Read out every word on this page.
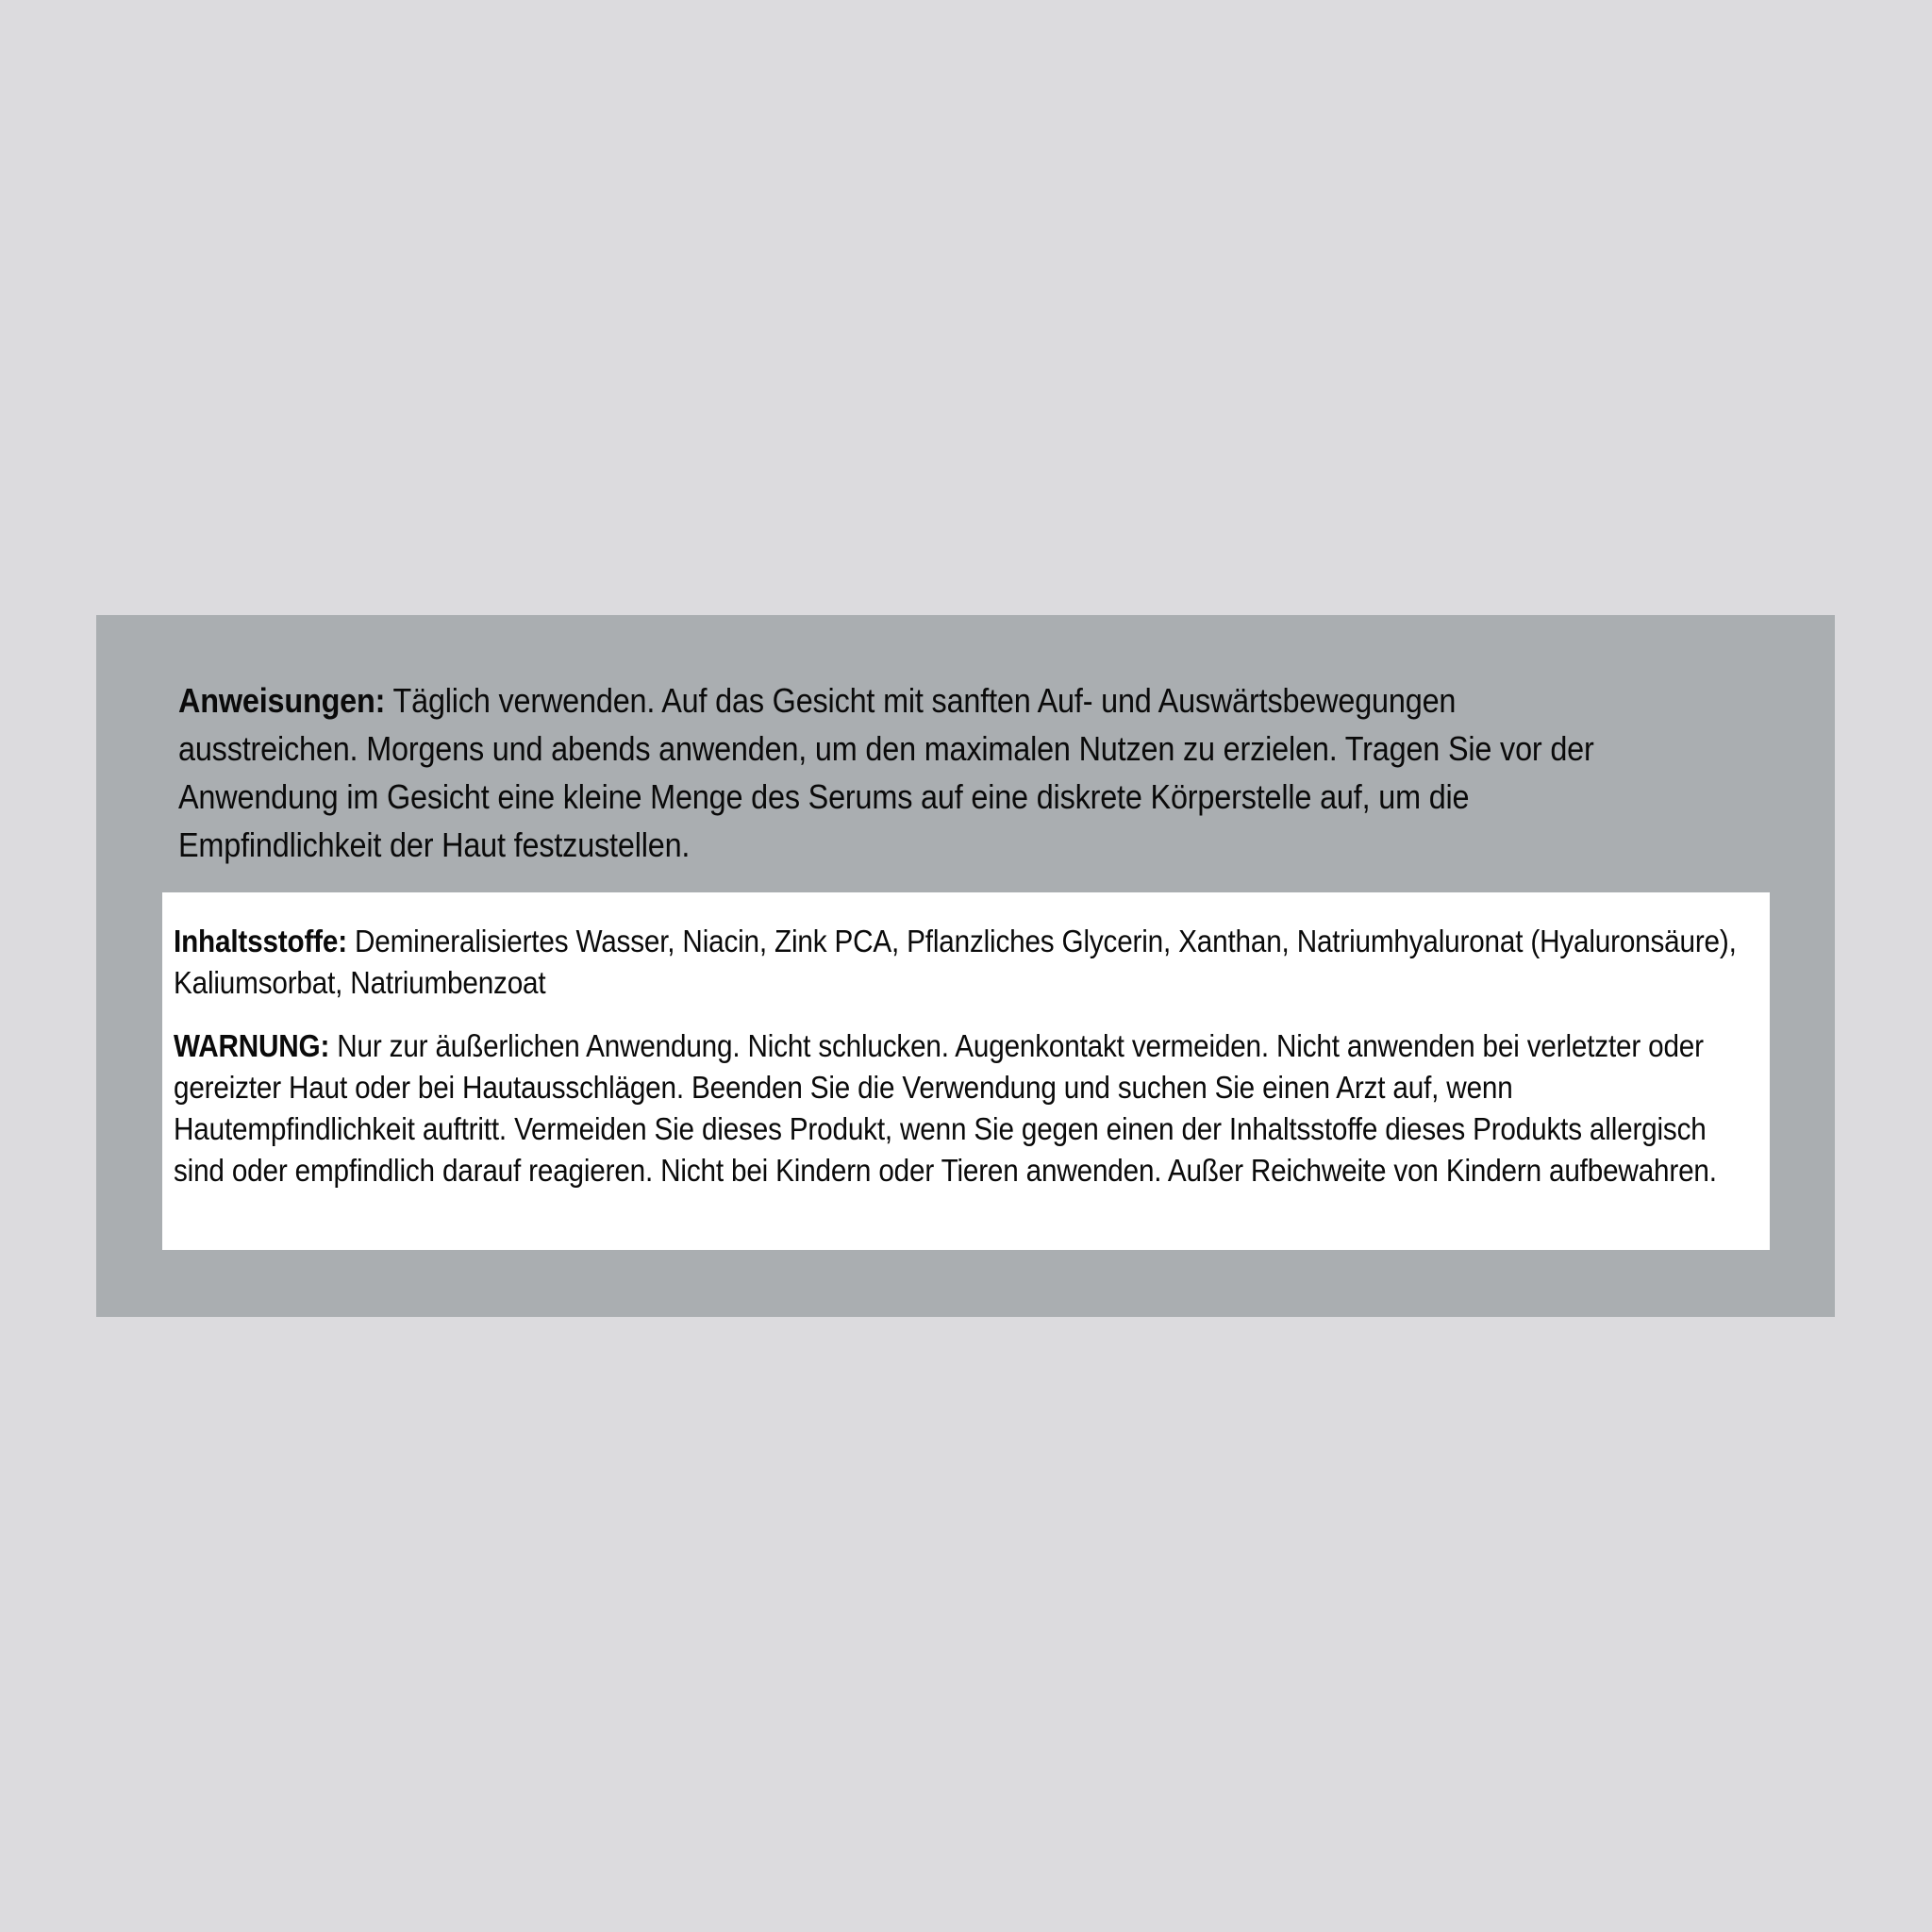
Anweisungen: Täglich verwenden. Auf das Gesicht mit sanften Auf- und Auswärtsbewegungen ausstreichen. Morgens und abends anwenden, um den maximalen Nutzen zu erzielen. Tragen Sie vor der Anwendung im Gesicht eine kleine Menge des Serums auf eine diskrete Körperstelle auf, um die Empfindlichkeit der Haut festzustellen.

Inhaltsstoffe: Demineralisiertes Wasser, Niacin, Zink PCA, Pflanzliches Glycerin, Xanthan, Natriumhyaluronat (Hyaluronsäure), Kaliumsorbat, Natriumbenzoat

WARNUNG: Nur zur äußerlichen Anwendung. Nicht schlucken. Augenkontakt vermeiden. Nicht anwenden bei verletzter oder gereizter Haut oder bei Hautausschlägen. Beenden Sie die Verwendung und suchen Sie einen Arzt auf, wenn Hautempfindlichkeit auftritt. Vermeiden Sie dieses Produkt, wenn Sie gegen einen der Inhaltsstoffe dieses Produkts allergisch sind oder empfindlich darauf reagieren. Nicht bei Kindern oder Tieren anwenden. Außer Reichweite von Kindern aufbewahren.
